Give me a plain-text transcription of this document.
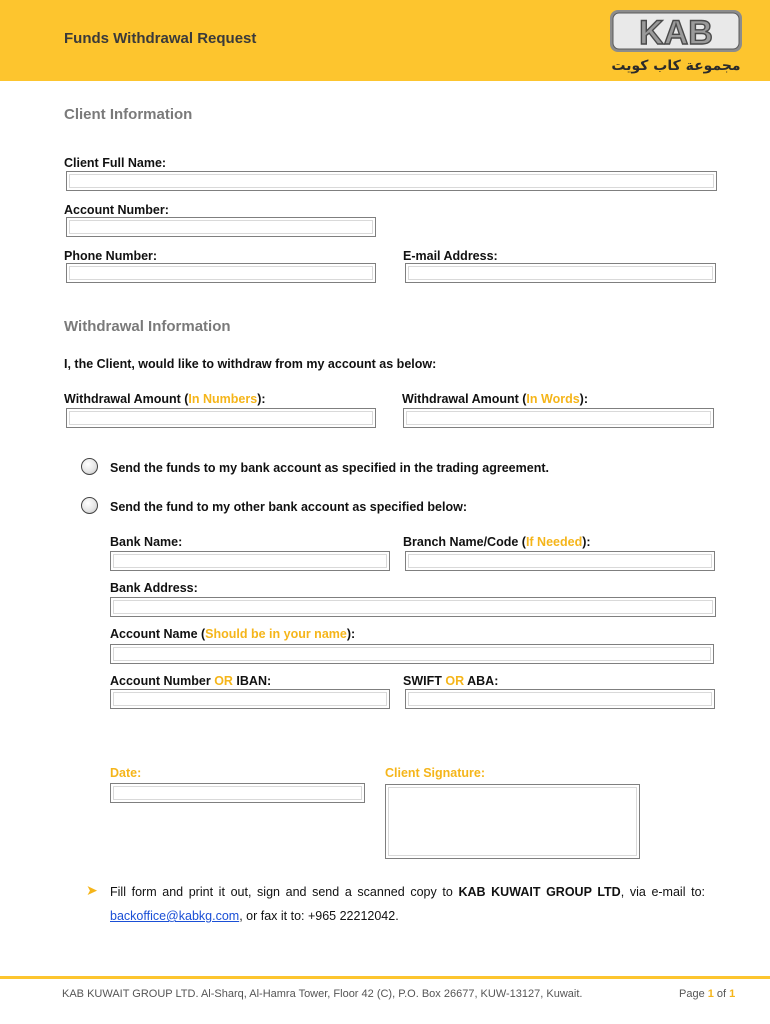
Funds Withdrawal Request	KAB
مجموعة كاب كويت
Client Information
Client Full Name:
Account Number:
Phone Number:	E-mail Address:
Withdrawal Information
I, the Client, would like to withdraw from my account as below:
Withdrawal Amount (In Numbers):	Withdrawal Amount (In Words):
Send the funds to my bank account as specified in the trading agreement.
Send the fund to my other bank account as specified below:
Bank Name:	Branch Name/Code (If Needed):
Bank Address:
Account Name (Should be in your name):
Account Number OR IBAN:	SWIFT OR ABA:
Date:	Client Signature:
➤ Fill form and print it out, sign and send a scanned copy to KAB KUWAIT GROUP LTD, via e-mail to: backoffice@kabkg.com, or fax it to: +965 22212042.
KAB KUWAIT GROUP LTD. Al-Sharq, Al-Hamra Tower, Floor 42 (C), P.O. Box 26677, KUW-13127, Kuwait.	Page 1 of 1
